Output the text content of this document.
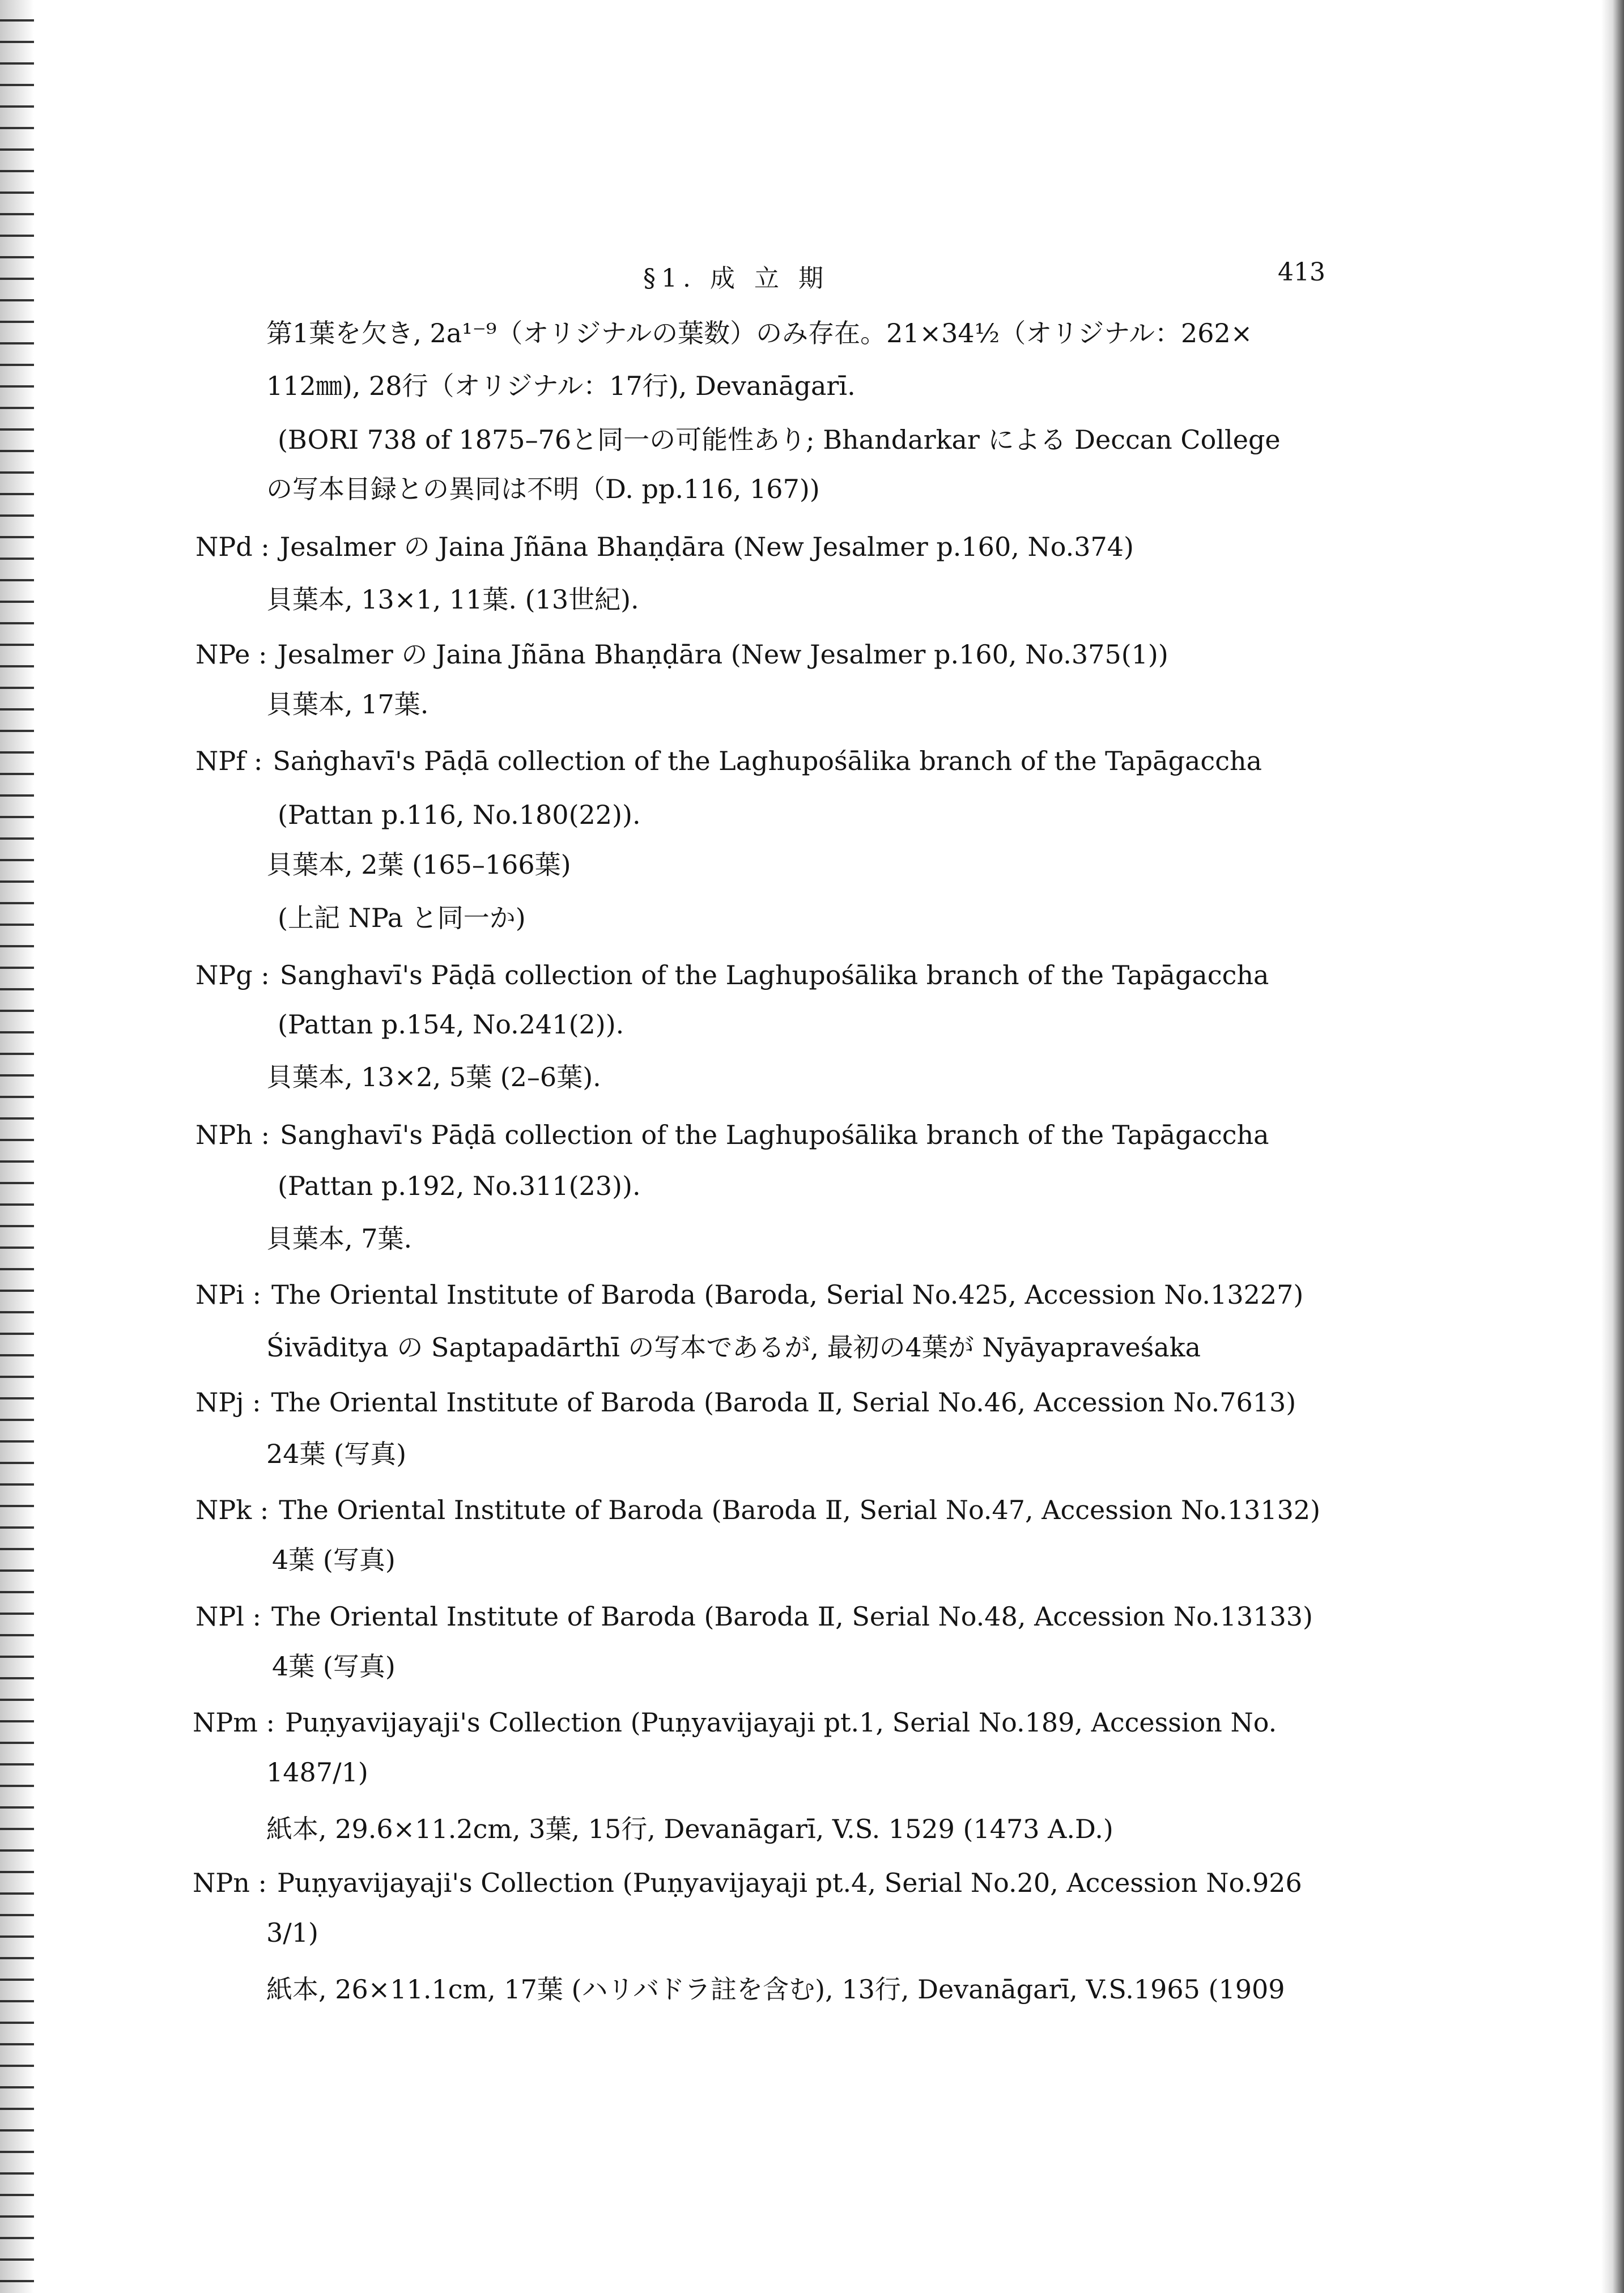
§1. 成 立 期	413
第1葉を欠き, 2a¹⁻⁹（オリジナルの葉数）のみ存在。21×34½（オリジナル：262×
112㎜), 28行（オリジナル：17行), Devanāgarī.
(BORI 738 of 1875–76と同一の可能性あり; Bhandarkar による Deccan College
の写本目録との異同は不明（D. pp.116, 167))
NPd : Jesalmer の Jaina Jñāna Bhaṇḍāra (New Jesalmer p.160, No.374)
貝葉本, 13×1, 11葉. (13世紀).
NPe : Jesalmer の Jaina Jñāna Bhaṇḍāra (New Jesalmer p.160, No.375(1))
貝葉本, 17葉.
NPf : Saṅghavī's Pāḍā collection of the Laghupośālika branch of the Tapāgaccha
(Pattan p.116, No.180(22)).
貝葉本, 2葉 (165–166葉)
(上記 NPa と同一か)
NPg : Sanghavī's Pāḍā collection of the Laghupośālika branch of the Tapāgaccha
(Pattan p.154, No.241(2)).
貝葉本, 13×2, 5葉 (2–6葉).
NPh : Sanghavī's Pāḍā collection of the Laghupośālika branch of the Tapāgaccha
(Pattan p.192, No.311(23)).
貝葉本, 7葉.
NPi : The Oriental Institute of Baroda (Baroda, Serial No.425, Accession No.13227)
Śivāditya の Saptapadārthī の写本であるが, 最初の4葉が Nyāyapraveśaka
NPj : The Oriental Institute of Baroda (Baroda Ⅱ, Serial No.46, Accession No.7613)
24葉 (写真)
NPk : The Oriental Institute of Baroda (Baroda Ⅱ, Serial No.47, Accession No.13132)
4葉 (写真)
NPl : The Oriental Institute of Baroda (Baroda Ⅱ, Serial No.48, Accession No.13133)
4葉 (写真)
NPm : Puṇyavijayaji's Collection (Puṇyavijayaji pt.1, Serial No.189, Accession No.
1487/1)
紙本, 29.6×11.2cm, 3葉, 15行, Devanāgarī, V.S. 1529 (1473 A.D.)
NPn : Puṇyavijayaji's Collection (Puṇyavijayaji pt.4, Serial No.20, Accession No.926
3/1)
紙本, 26×11.1cm, 17葉 (ハリバドラ註を含む), 13行, Devanāgarī, V.S.1965 (1909
